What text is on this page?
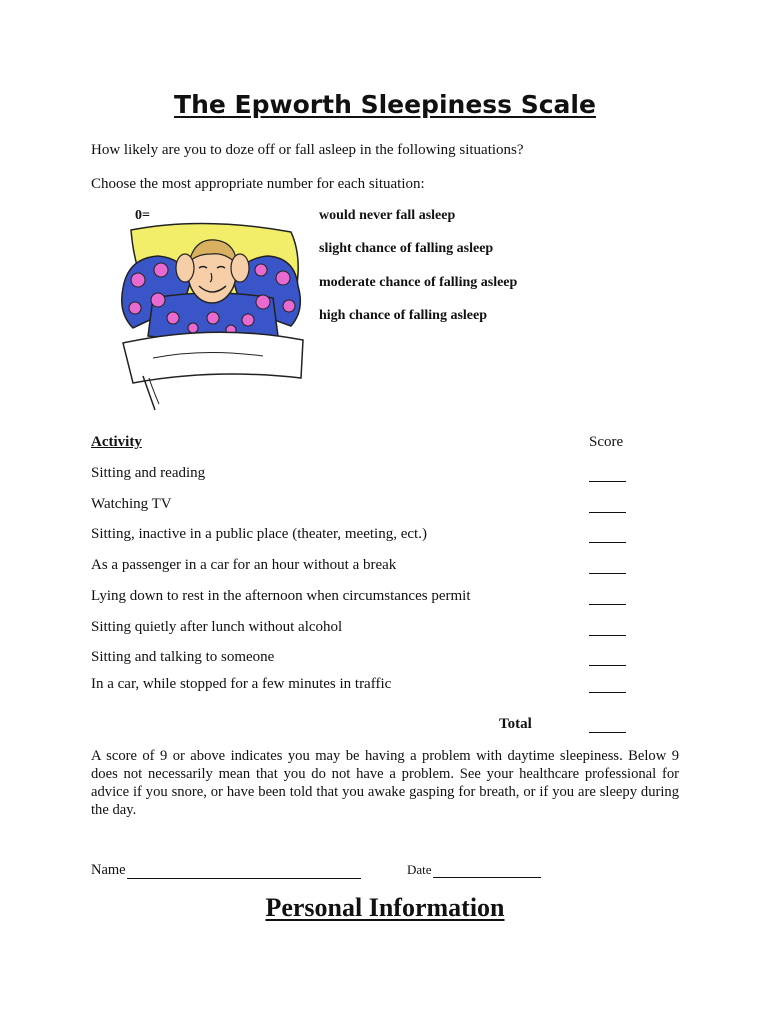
The Epworth Sleepiness Scale
How likely are you to doze off or fall asleep in the following situations?
Choose the most appropriate number for each situation:
0=	would never fall asleep
slight chance of falling asleep
moderate chance of falling asleep
high chance of falling asleep
Activity	Score
Sitting and reading
Watching TV
Sitting, inactive in a public place (theater, meeting, ect.)
As a passenger in a car for an hour without a break
Lying down to rest in the afternoon when circumstances permit
Sitting quietly after lunch without alcohol
Sitting and talking to someone
In a car, while stopped for a few minutes in traffic
Total
A score of 9 or above indicates you may be having a problem with daytime sleepiness. Below 9 does not necessarily mean that you do not have a problem. See your healthcare professional for advice if you snore, or have been told that you awake gasping for breath, or if you are sleepy during the day.
Name	Date
Personal Information
